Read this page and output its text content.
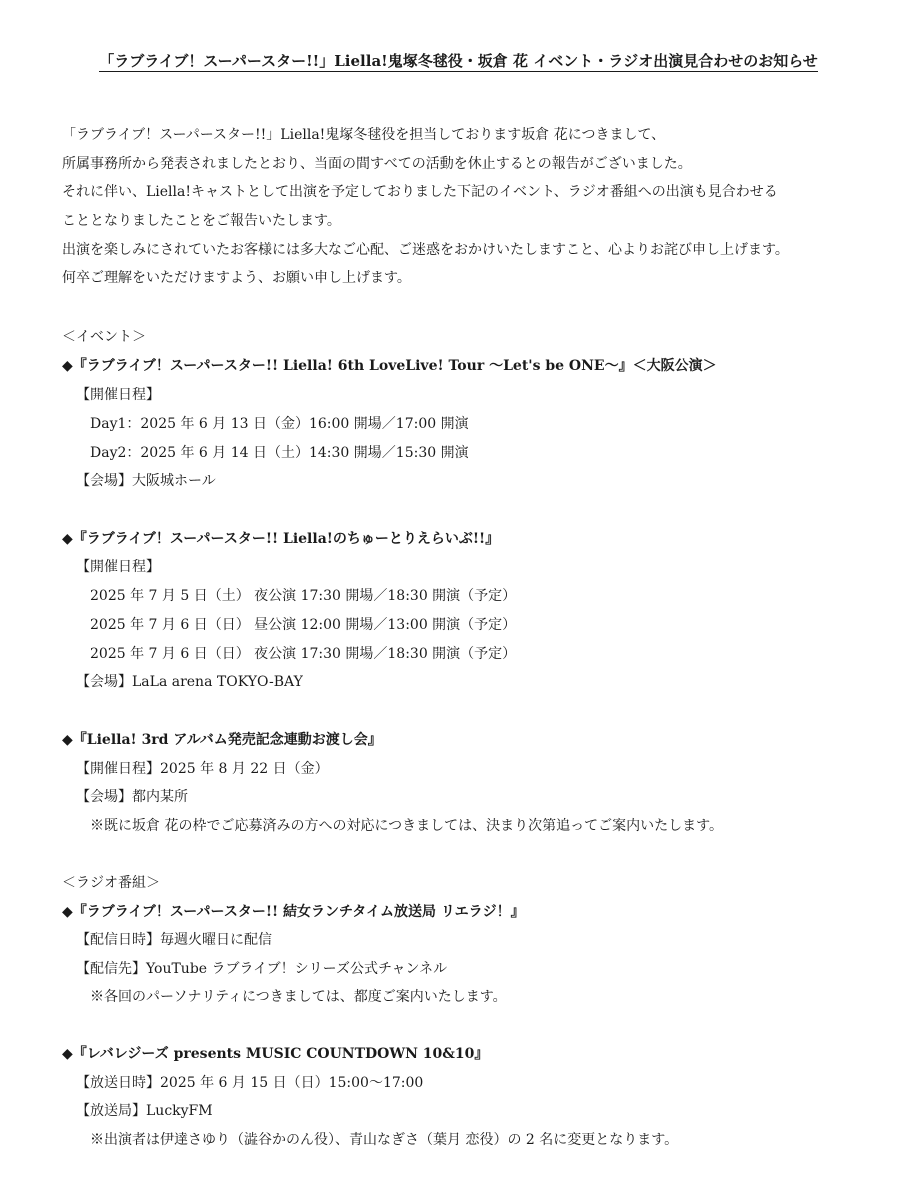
「ラブライブ！スーパースター!!」Liella!鬼塚冬毬役・坂倉 花 イベント・ラジオ出演見合わせのお知らせ
「ラブライブ！スーパースター!!」Liella!鬼塚冬毬役を担当しております坂倉 花につきまして、
所属事務所から発表されましたとおり、当面の間すべての活動を休止するとの報告がございました。
それに伴い、Liella!キャストとして出演を予定しておりました下記のイベント、ラジオ番組への出演も見合わせる
こととなりましたことをご報告いたします。
出演を楽しみにされていたお客様には多大なご心配、ご迷惑をおかけいたしますこと、心よりお詫び申し上げます。
何卒ご理解をいただけますよう、お願い申し上げます。
＜イベント＞
◆『ラブライブ！スーパースター!! Liella! 6th LoveLive! Tour ～Let's be ONE～』＜大阪公演＞
【開催日程】
Day1：2025 年 6 月 13 日（金）16:00 開場／17:00 開演
Day2：2025 年 6 月 14 日（土）14:30 開場／15:30 開演
【会場】大阪城ホール
◆『ラブライブ！スーパースター!! Liella!のちゅーとりえらいぶ!!』
【開催日程】
2025 年 7 月 5 日（土） 夜公演 17:30 開場／18:30 開演（予定）
2025 年 7 月 6 日（日） 昼公演 12:00 開場／13:00 開演（予定）
2025 年 7 月 6 日（日） 夜公演 17:30 開場／18:30 開演（予定）
【会場】LaLa arena TOKYO-BAY
◆『Liella! 3rd アルバム発売記念連動お渡し会』
【開催日程】2025 年 8 月 22 日（金）
【会場】都内某所
※既に坂倉 花の枠でご応募済みの方への対応につきましては、決まり次第追ってご案内いたします。
＜ラジオ番組＞
◆『ラブライブ！スーパースター!! 結女ランチタイム放送局 リエラジ！』
【配信日時】毎週火曜日に配信
【配信先】YouTube ラブライブ！シリーズ公式チャンネル
※各回のパーソナリティにつきましては、都度ご案内いたします。
◆『レバレジーズ presents MUSIC COUNTDOWN 10&10』
【放送日時】2025 年 6 月 15 日（日）15:00～17:00
【放送局】LuckyFM
※出演者は伊達さゆり（澁谷かのん役）、青山なぎさ（葉月 恋役）の 2 名に変更となります。
